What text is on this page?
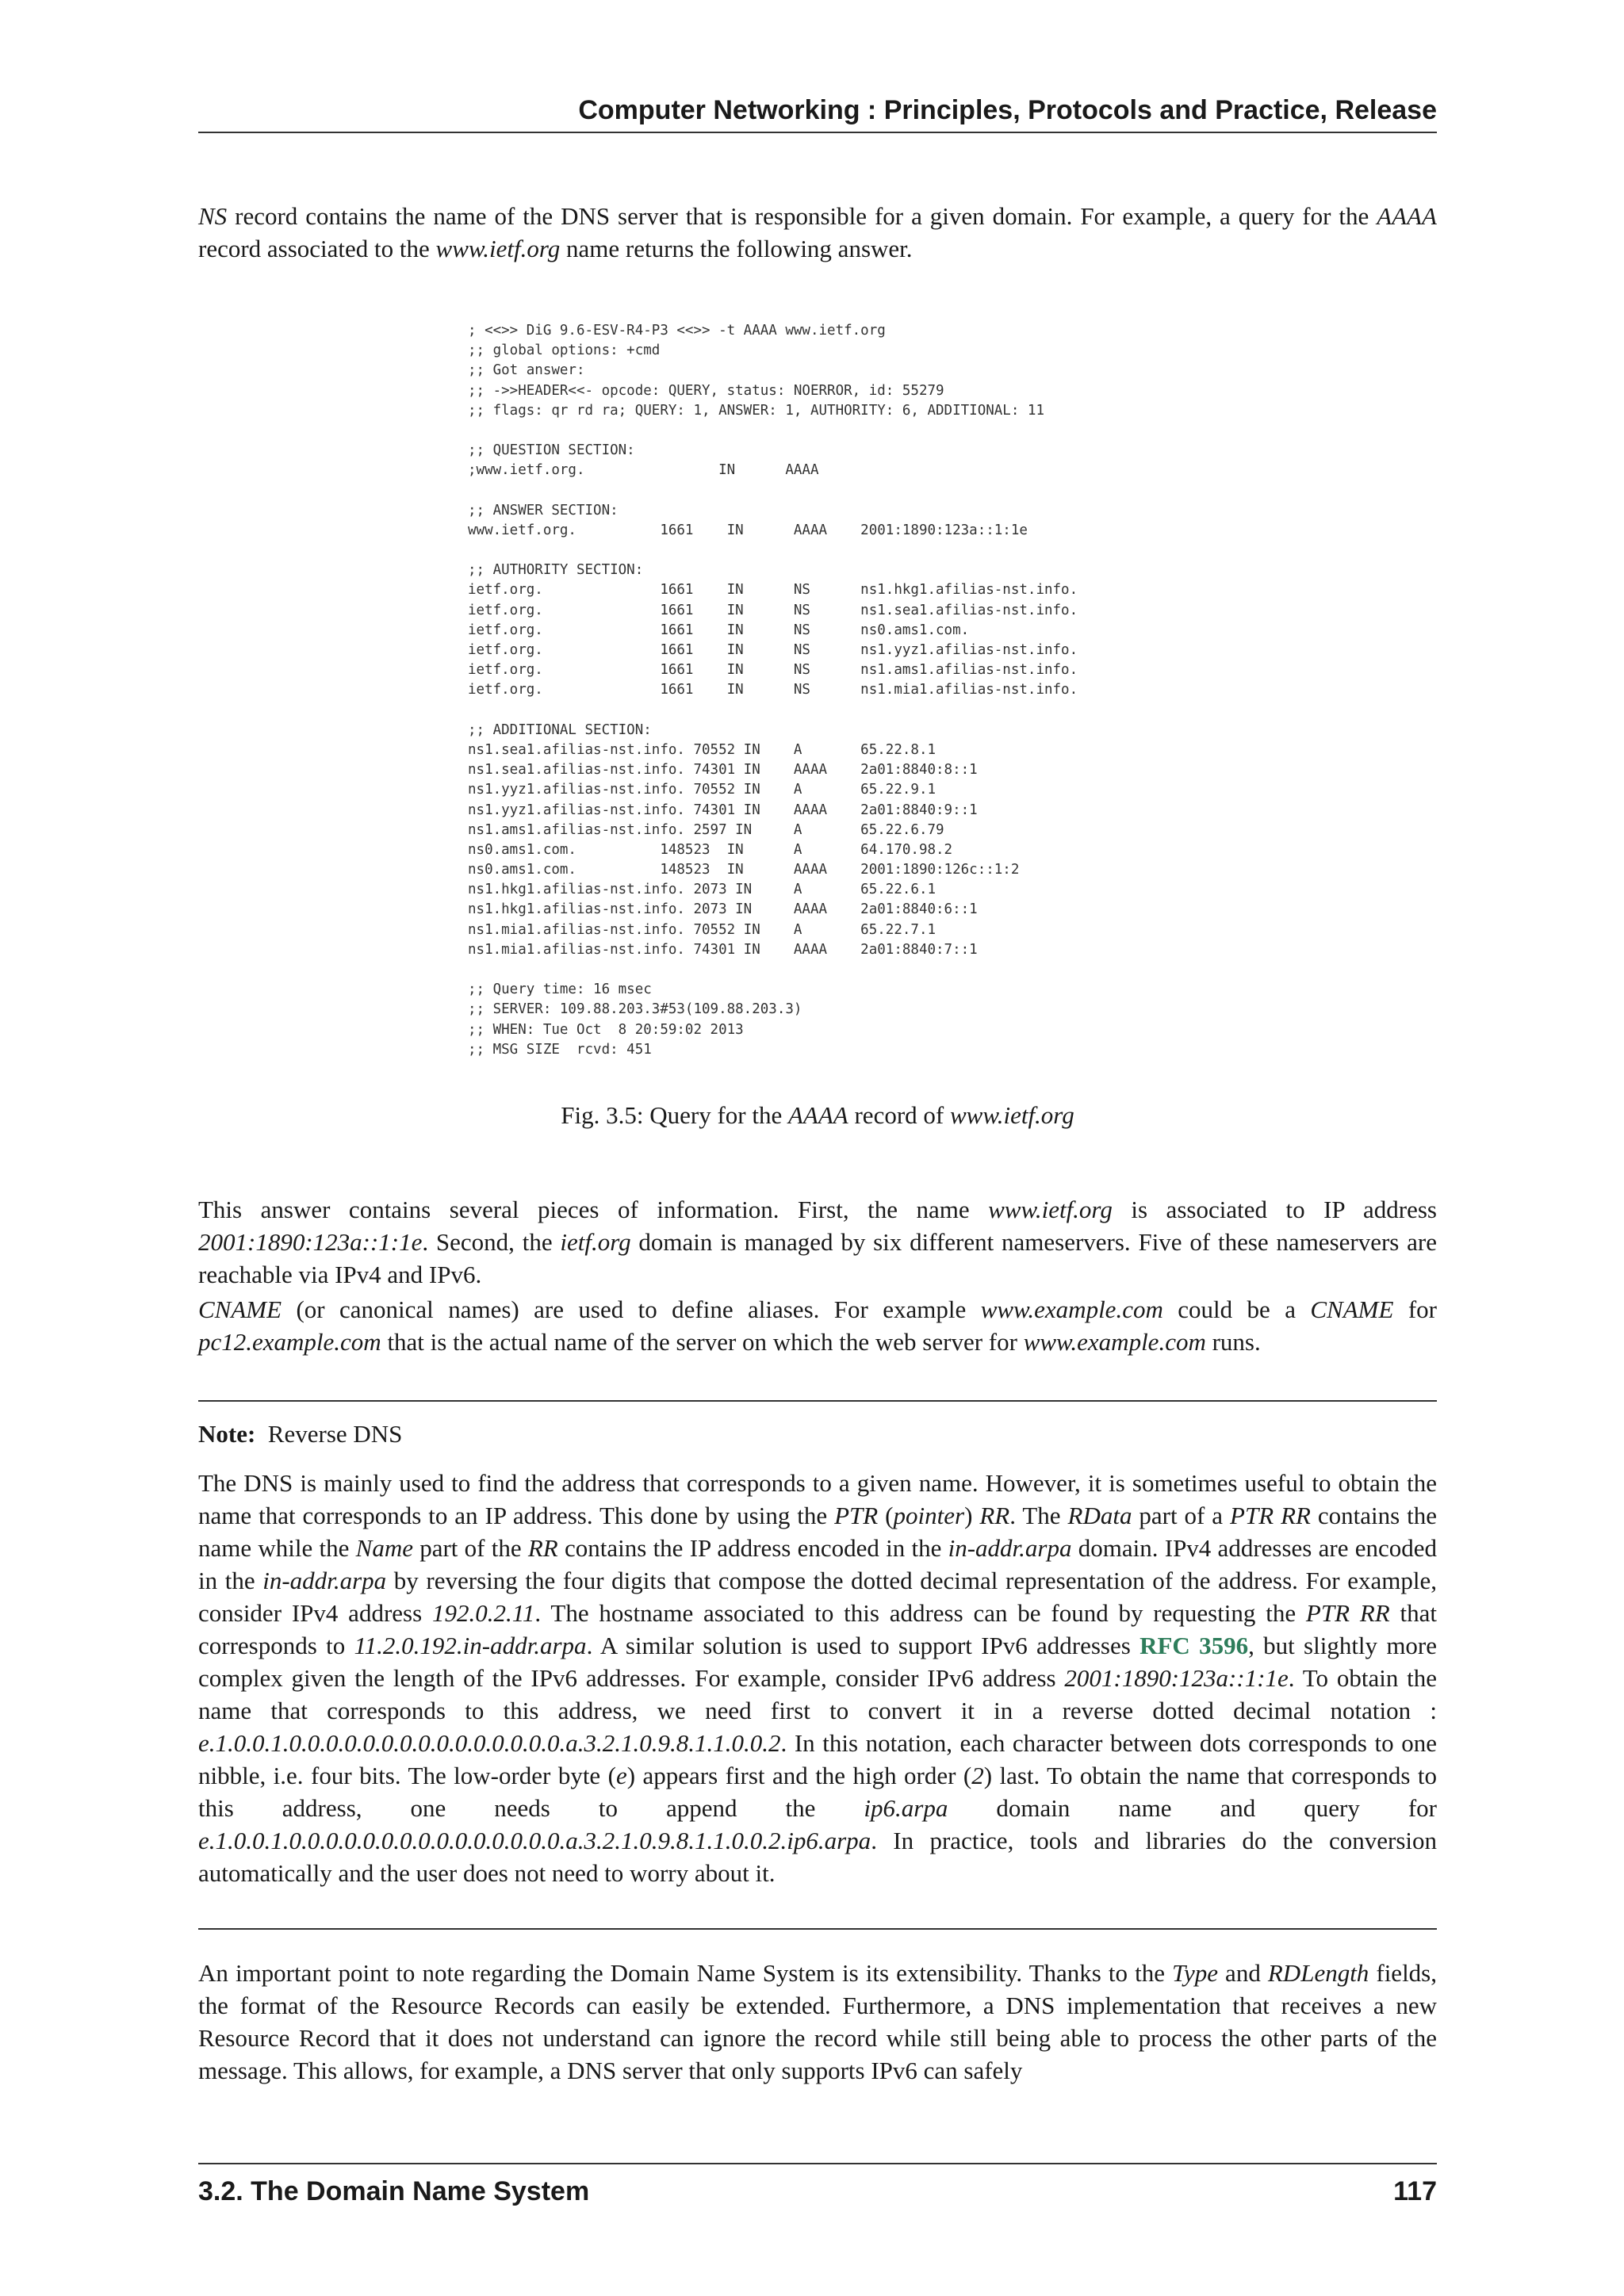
Computer Networking : Principles, Protocols and Practice, Release

NS record contains the name of the DNS server that is responsible for a given domain. For example, a query for the AAAA record associated to the www.ietf.org name returns the following answer.

; <<>> DiG 9.6-ESV-R4-P3 <<>> -t AAAA www.ietf.org
;; global options: +cmd
;; Got answer:
;; ->>HEADER<<- opcode: QUERY, status: NOERROR, id: 55279
;; flags: qr rd ra; QUERY: 1, ANSWER: 1, AUTHORITY: 6, ADDITIONAL: 11
;; QUESTION SECTION:
;www.ietf.org.                IN      AAAA
;; ANSWER SECTION:
www.ietf.org.          1661    IN      AAAA    2001:1890:123a::1:1e
;; AUTHORITY SECTION:
ietf.org.              1661    IN      NS      ns1.hkg1.afilias-nst.info.
ietf.org.              1661    IN      NS      ns1.sea1.afilias-nst.info.
ietf.org.              1661    IN      NS      ns0.ams1.com.
ietf.org.              1661    IN      NS      ns1.yyz1.afilias-nst.info.
ietf.org.              1661    IN      NS      ns1.ams1.afilias-nst.info.
ietf.org.              1661    IN      NS      ns1.mia1.afilias-nst.info.
;; ADDITIONAL SECTION:
ns1.sea1.afilias-nst.info. 70552 IN    A       65.22.8.1
ns1.sea1.afilias-nst.info. 74301 IN    AAAA    2a01:8840:8::1
ns1.yyz1.afilias-nst.info. 70552 IN    A       65.22.9.1
ns1.yyz1.afilias-nst.info. 74301 IN    AAAA    2a01:8840:9::1
ns1.ams1.afilias-nst.info. 2597 IN     A       65.22.6.79
ns0.ams1.com.          148523  IN      A       64.170.98.2
ns0.ams1.com.          148523  IN      AAAA    2001:1890:126c::1:2
ns1.hkg1.afilias-nst.info. 2073 IN     A       65.22.6.1
ns1.hkg1.afilias-nst.info. 2073 IN     AAAA    2a01:8840:6::1
ns1.mia1.afilias-nst.info. 70552 IN    A       65.22.7.1
ns1.mia1.afilias-nst.info. 74301 IN    AAAA    2a01:8840:7::1
;; Query time: 16 msec
;; SERVER: 109.88.203.3#53(109.88.203.3)
;; WHEN: Tue Oct  8 20:59:02 2013
;; MSG SIZE  rcvd: 451
Fig. 3.5: Query for the AAAA record of www.ietf.org

This answer contains several pieces of information. First, the name www.ietf.org is associated to IP address 2001:1890:123a::1:1e. Second, the ietf.org domain is managed by six different nameservers. Five of these nameservers are reachable via IPv4 and IPv6.

CNAME (or canonical names) are used to define aliases. For example www.example.com could be a CNAME for pc12.example.com that is the actual name of the server on which the web server for www.example.com runs.

Note: Reverse DNS

The DNS is mainly used to find the address that corresponds to a given name. However, it is sometimes useful to obtain the name that corresponds to an IP address. This done by using the PTR (pointer) RR. The RData part of a PTR RR contains the name while the Name part of the RR contains the IP address encoded in the in-addr.arpa domain. IPv4 addresses are encoded in the in-addr.arpa by reversing the four digits that compose the dotted decimal representation of the address. For example, consider IPv4 address 192.0.2.11. The hostname associated to this address can be found by requesting the PTR RR that corresponds to 11.2.0.192.in-addr.arpa. A similar solution is used to support IPv6 addresses RFC 3596, but slightly more complex given the length of the IPv6 addresses. For example, consider IPv6 address 2001:1890:123a::1:1e. To obtain the name that corresponds to this address, we need first to convert it in a reverse dotted decimal notation : e.1.0.0.1.0.0.0.0.0.0.0.0.0.0.0.0.0.0.0.a.3.2.1.0.9.8.1.1.0.0.2. In this notation, each character between dots corresponds to one nibble, i.e. four bits. The low-order byte (e) appears first and the high order (2) last. To obtain the name that corresponds to this address, one needs to append the ip6.arpa domain name and query for e.1.0.0.1.0.0.0.0.0.0.0.0.0.0.0.0.0.0.0.a.3.2.1.0.9.8.1.1.0.0.2.ip6.arpa. In practice, tools and libraries do the conversion automatically and the user does not need to worry about it.

An important point to note regarding the Domain Name System is its extensibility. Thanks to the Type and RDLength fields, the format of the Resource Records can easily be extended. Furthermore, a DNS implementation that receives a new Resource Record that it does not understand can ignore the record while still being able to process the other parts of the message. This allows, for example, a DNS server that only supports IPv6 can safely

3.2. The Domain Name System	117
